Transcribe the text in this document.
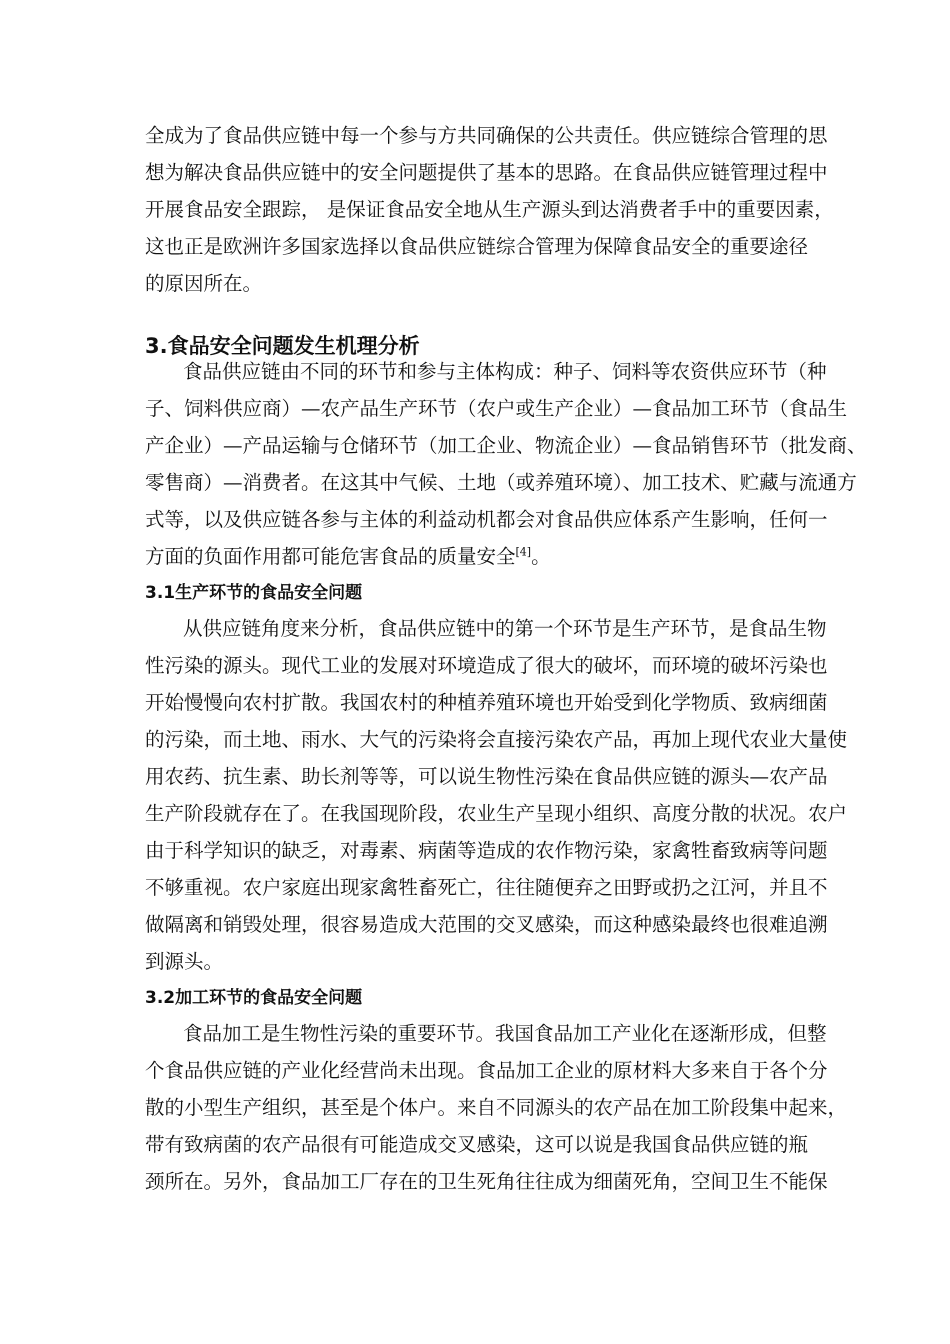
全成为了食品供应链中每一个参与方共同确保的公共责任。供应链综合管理的思
想为解决食品供应链中的安全问题提供了基本的思路。在食品供应链管理过程中
开展食品安全跟踪， 是保证食品安全地从生产源头到达消费者手中的重要因素，
这也正是欧洲许多国家选择以食品供应链综合管理为保障食品安全的重要途径
的原因所在。
3.食品安全问题发生机理分析
食品供应链由不同的环节和参与主体构成：种子、饲料等农资供应环节（种
子、饲料供应商）—农产品生产环节（农户或生产企业）—食品加工环节（食品生
产企业）—产品运输与仓储环节（加工企业、物流企业）—食品销售环节（批发商、
零售商）—消费者。在这其中气候、土地（或养殖环境）、加工技术、贮藏与流通方
式等，以及供应链各参与主体的利益动机都会对食品供应体系产生影响，任何一
方面的负面作用都可能危害食品的质量安全[4]。
3.1生产环节的食品安全问题
从供应链角度来分析，食品供应链中的第一个环节是生产环节，是食品生物
性污染的源头。现代工业的发展对环境造成了很大的破坏，而环境的破坏污染也
开始慢慢向农村扩散。我国农村的种植养殖环境也开始受到化学物质、致病细菌
的污染，而土地、雨水、大气的污染将会直接污染农产品，再加上现代农业大量使
用农药、抗生素、助长剂等等，可以说生物性污染在食品供应链的源头—农产品
生产阶段就存在了。在我国现阶段，农业生产呈现小组织、高度分散的状况。农户
由于科学知识的缺乏，对毒素、病菌等造成的农作物污染，家禽牲畜致病等问题
不够重视。农户家庭出现家禽牲畜死亡，往往随便弃之田野或扔之江河，并且不
做隔离和销毁处理，很容易造成大范围的交叉感染，而这种感染最终也很难追溯
到源头。
3.2加工环节的食品安全问题
食品加工是生物性污染的重要环节。我国食品加工产业化在逐渐形成，但整
个食品供应链的产业化经营尚未出现。食品加工企业的原材料大多来自于各个分
散的小型生产组织，甚至是个体户。来自不同源头的农产品在加工阶段集中起来，
带有致病菌的农产品很有可能造成交叉感染，这可以说是我国食品供应链的瓶
颈所在。另外，食品加工厂存在的卫生死角往往成为细菌死角，空间卫生不能保
